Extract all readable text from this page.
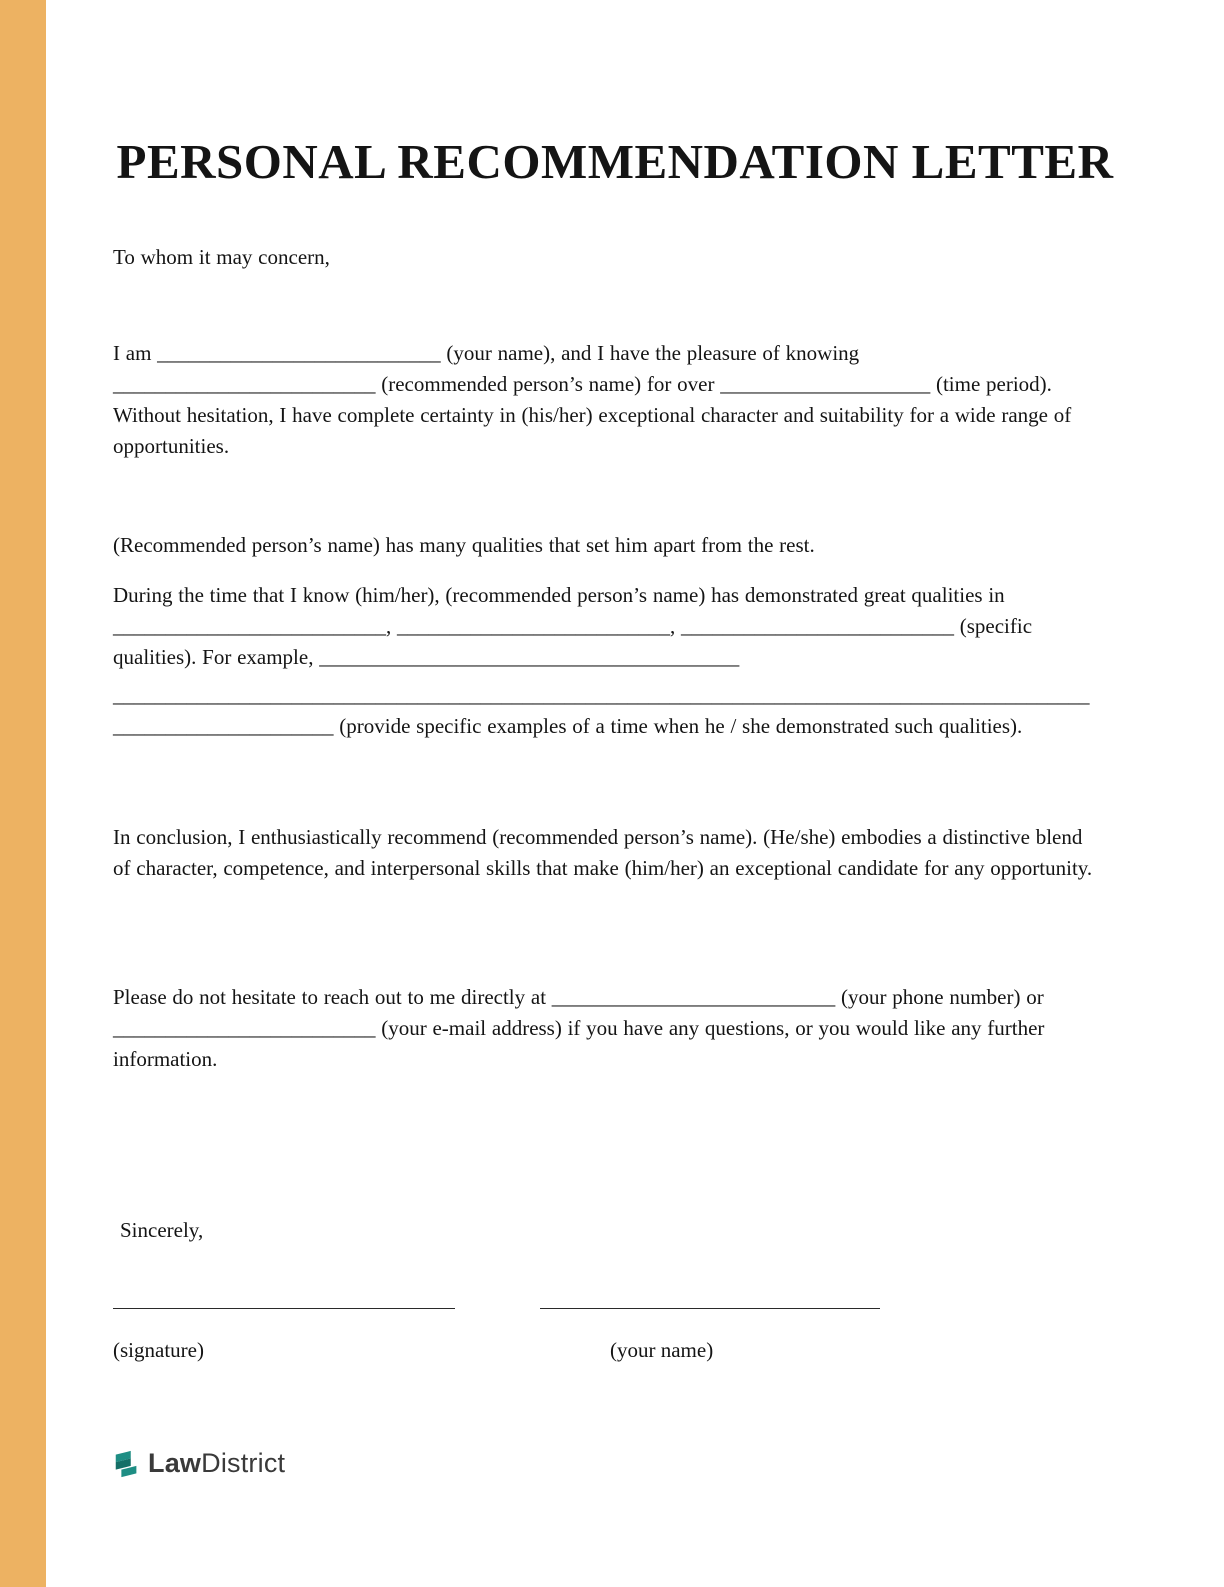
PERSONAL RECOMMENDATION LETTER

To whom it may concern,

I am ___________________________ (your name), and I have the pleasure of knowing _________________________ (recommended person’s name) for over ____________________ (time period). Without hesitation, I have complete certainty in (his/her) exceptional character and suitability for a wide range of opportunities.

(Recommended person’s name) has many qualities that set him apart from the rest.

During the time that I know (him/her), (recommended person’s name) has demonstrated great qualities in __________________________, __________________________, __________________________ (specific qualities). For example, ________________________________________

_____________________________________________________________________________________________
_____________________ (provide specific examples of a time when he / she demonstrated such qualities).

In conclusion, I enthusiastically recommend (recommended person’s name). (He/she) embodies a distinctive blend of character, competence, and interpersonal skills that make (him/her) an exceptional candidate for any opportunity.

Please do not hesitate to reach out to me directly at ___________________________ (your phone number) or _________________________ (your e-mail address) if you have any questions, or you would like any further information.

Sincerely,

(signature)	(your name)
LawDistrict
